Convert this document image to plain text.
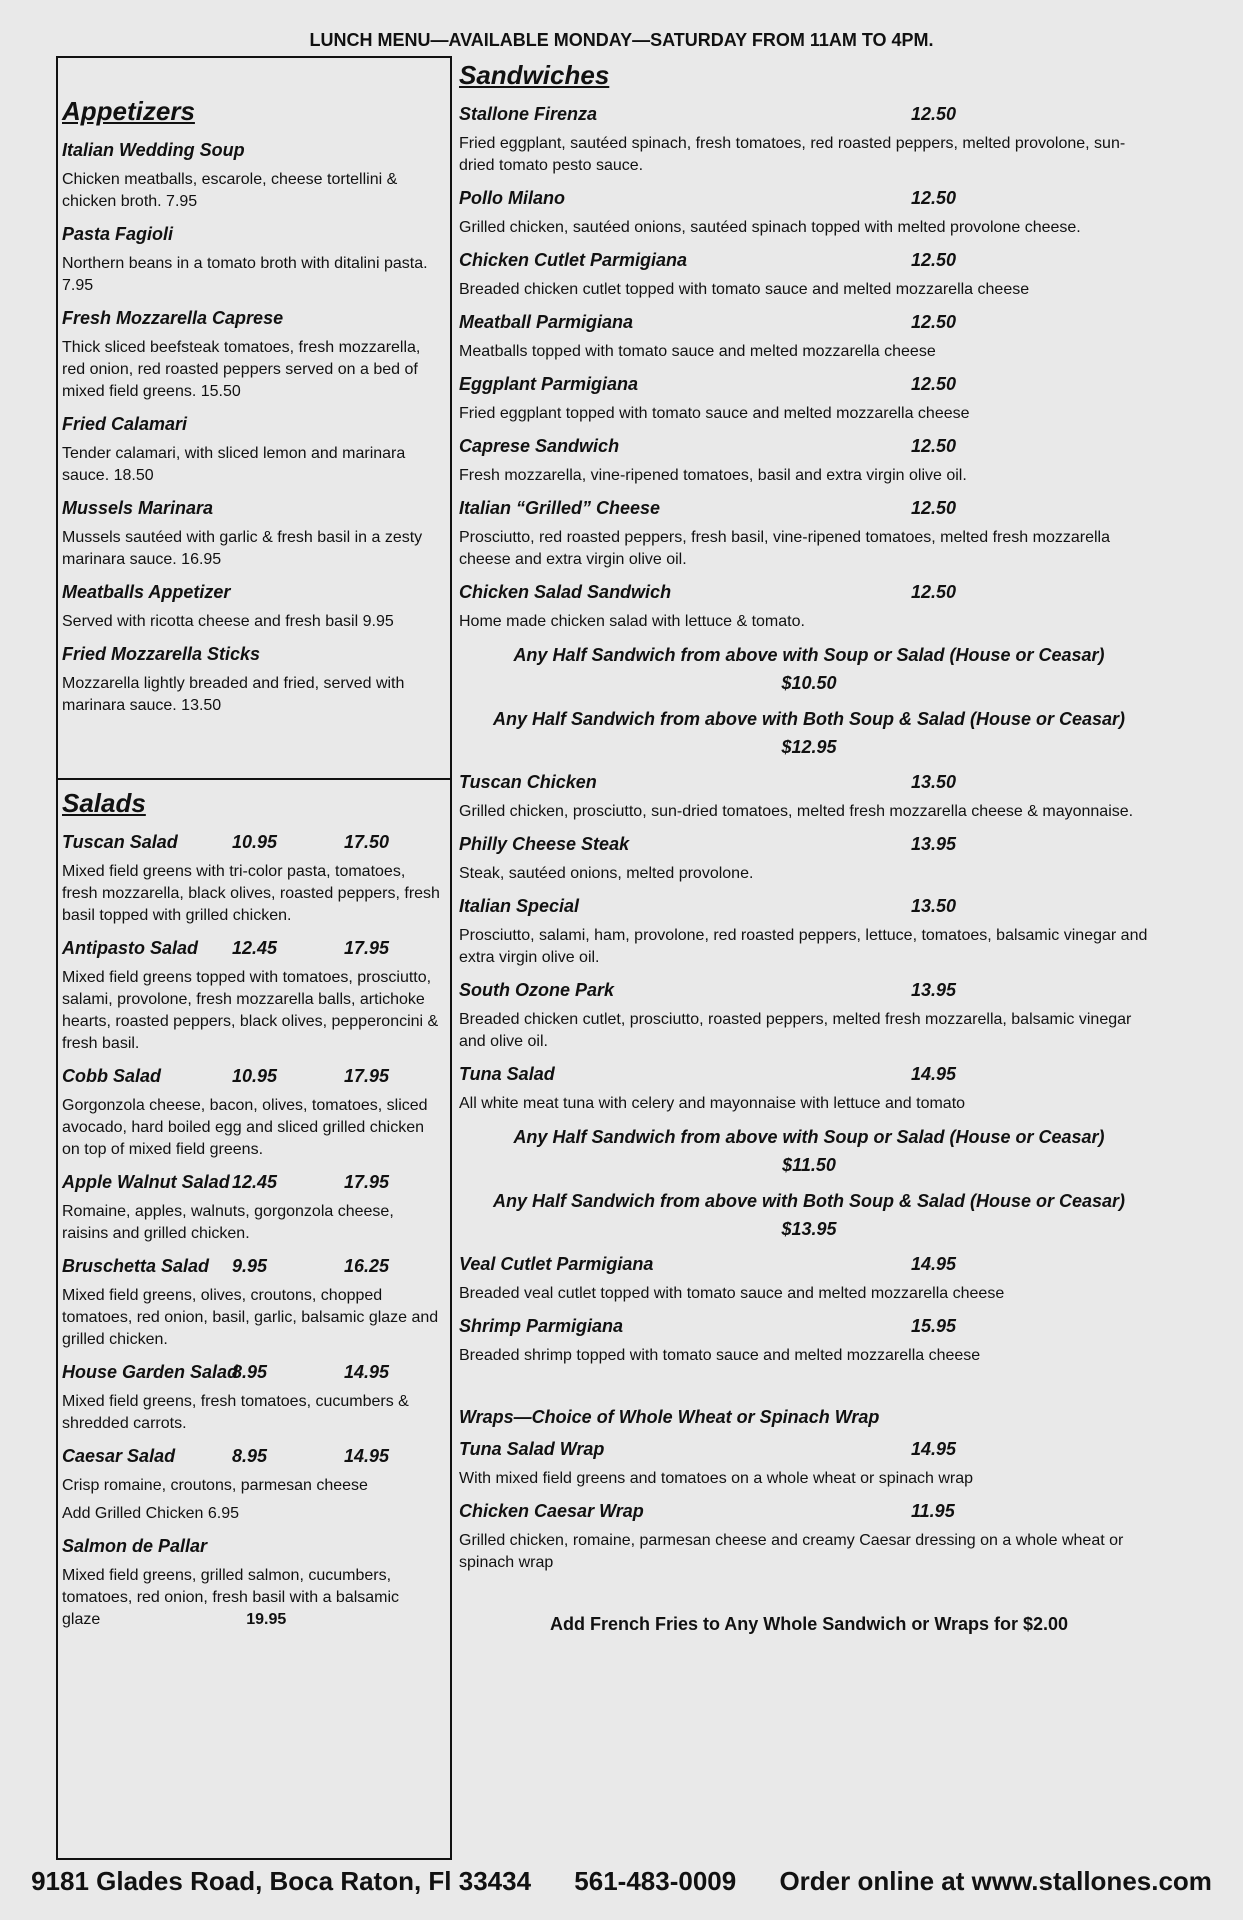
LUNCH MENU—AVAILABLE MONDAY—SATURDAY FROM 11AM TO 4PM.
Appetizers
Italian Wedding Soup
Chicken meatballs, escarole, cheese tortellini & chicken broth. 7.95
Pasta Fagioli
Northern beans in a tomato broth with ditalini pasta. 7.95
Fresh Mozzarella Caprese
Thick sliced beefsteak tomatoes, fresh mozzarella, red onion, red roasted peppers served on a bed of mixed field greens. 15.50
Fried Calamari
Tender calamari, with sliced lemon and marinara sauce. 18.50
Mussels Marinara
Mussels sautéed with garlic & fresh basil in a zesty marinara sauce. 16.95
Meatballs Appetizer
Served with ricotta cheese and fresh basil 9.95
Fried Mozzarella Sticks
Mozzarella lightly breaded and fried, served with marinara sauce. 13.50
Salads
Tuscan Salad	10.95	17.50
Mixed field greens with tri-color pasta, tomatoes, fresh mozzarella, black olives, roasted peppers, fresh basil topped with grilled chicken.
Antipasto Salad 12.45	17.95
Mixed field greens topped with tomatoes, prosciutto, salami, provolone, fresh mozzarella balls, artichoke hearts, roasted peppers, black olives, pepperoncini & fresh basil.
Cobb Salad	10.95	17.95
Gorgonzola cheese, bacon, olives, tomatoes, sliced avocado, hard boiled egg and sliced grilled chicken on top of mixed field greens.
Apple Walnut Salad 12.45	17.95
Romaine, apples, walnuts, gorgonzola cheese, raisins and grilled chicken.
Bruschetta Salad 9.95	16.25
Mixed field greens, olives, croutons, chopped tomatoes, red onion, basil, garlic, balsamic glaze and grilled chicken.
House Garden Salad
8.95	14.95
Mixed field greens, fresh tomatoes, cucumbers & shredded carrots.
Caesar Salad	8.95	14.95
Crisp romaine, croutons, parmesan cheese
Add Grilled Chicken 6.95
Salmon de Pallar
Mixed field greens, grilled salmon, cucumbers, tomatoes, red onion, fresh basil with a balsamic glaze	19.95
Sandwiches
Stallone Firenza	12.50
Fried eggplant, sautéed spinach, fresh tomatoes, red roasted peppers, melted provolone, sun-dried tomato pesto sauce.
Pollo Milano	12.50
Grilled chicken, sautéed onions, sautéed spinach topped with melted provolone cheese.
Chicken Cutlet Parmigiana	12.50
Breaded chicken cutlet topped with tomato sauce and melted mozzarella cheese
Meatball Parmigiana	12.50
Meatballs topped with tomato sauce and melted mozzarella cheese
Eggplant Parmigiana	12.50
Fried eggplant topped with tomato sauce and melted mozzarella cheese
Caprese Sandwich	12.50
Fresh mozzarella, vine-ripened tomatoes, basil and extra virgin olive oil.
Italian “Grilled” Cheese	12.50
Prosciutto, red roasted peppers, fresh basil, vine-ripened tomatoes, melted fresh mozzarella cheese and extra virgin olive oil.
Chicken Salad Sandwich	12.50
Home made chicken salad with lettuce & tomato.
Any Half Sandwich from above with Soup or Salad (House or Ceasar)
$10.50
Any Half Sandwich from above with Both Soup & Salad (House or Ceasar)
$12.95
Tuscan Chicken	13.50
Grilled chicken, prosciutto, sun-dried tomatoes, melted fresh mozzarella cheese & mayonnaise.
Philly Cheese Steak	13.95
Steak, sautéed onions, melted provolone.
Italian Special	13.50
Prosciutto, salami, ham, provolone, red roasted peppers, lettuce, tomatoes, balsamic vinegar and extra virgin olive oil.
South Ozone Park	13.95
Breaded chicken cutlet, prosciutto, roasted peppers, melted fresh mozzarella, balsamic vinegar and olive oil.
Tuna Salad	14.95
All white meat tuna with celery and mayonnaise with lettuce and tomato
Any Half Sandwich from above with Soup or Salad (House or Ceasar)
$11.50
Any Half Sandwich from above with Both Soup & Salad (House or Ceasar)
$13.95
Veal Cutlet Parmigiana	14.95
Breaded veal cutlet topped with tomato sauce and melted mozzarella cheese
Shrimp Parmigiana	15.95
Breaded shrimp topped with tomato sauce and melted mozzarella cheese
Wraps—Choice of Whole Wheat or Spinach Wrap
Tuna Salad Wrap	14.95
With mixed field greens and tomatoes on a whole wheat or spinach wrap
Chicken Caesar Wrap	11.95
Grilled chicken, romaine, parmesan cheese and creamy Caesar dressing on a whole wheat or spinach wrap
Add French Fries to Any Whole Sandwich or Wraps for $2.00
9181 Glades Road, Boca Raton, Fl 33434 561-483-0009 Order online at www.stallones.com
